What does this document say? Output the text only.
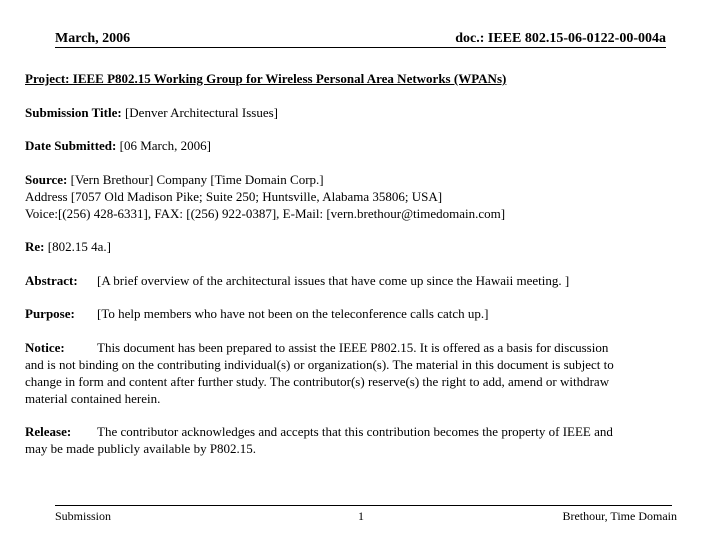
March, 2006	doc.: IEEE 802.15-06-0122-00-004a
Project: IEEE P802.15 Working Group for Wireless Personal Area Networks (WPANs)
Submission Title: [Denver Architectural Issues]
Date Submitted: [06 March, 2006]
Source: [Vern Brethour] Company [Time Domain Corp.]
Address [7057 Old Madison Pike; Suite 250; Huntsville, Alabama 35806; USA]
Voice:[(256) 428-6331], FAX: [(256) 922-0387], E-Mail: [vern.brethour@timedomain.com]
Re: [802.15 4a.]
Abstract: [A brief overview of the architectural issues that have come up since the Hawaii meeting. ]
Purpose: [To help members who have not been on the teleconference calls catch up.]
Notice: This document has been prepared to assist the IEEE P802.15. It is offered as a basis for discussion
and is not binding on the contributing individual(s) or organization(s). The material in this document is subject to
change in form and content after further study. The contributor(s) reserve(s) the right to add, amend or withdraw
material contained herein.
Release: The contributor acknowledges and accepts that this contribution becomes the property of IEEE and
may be made publicly available by P802.15.
Submission	1	Brethour, Time Domain
